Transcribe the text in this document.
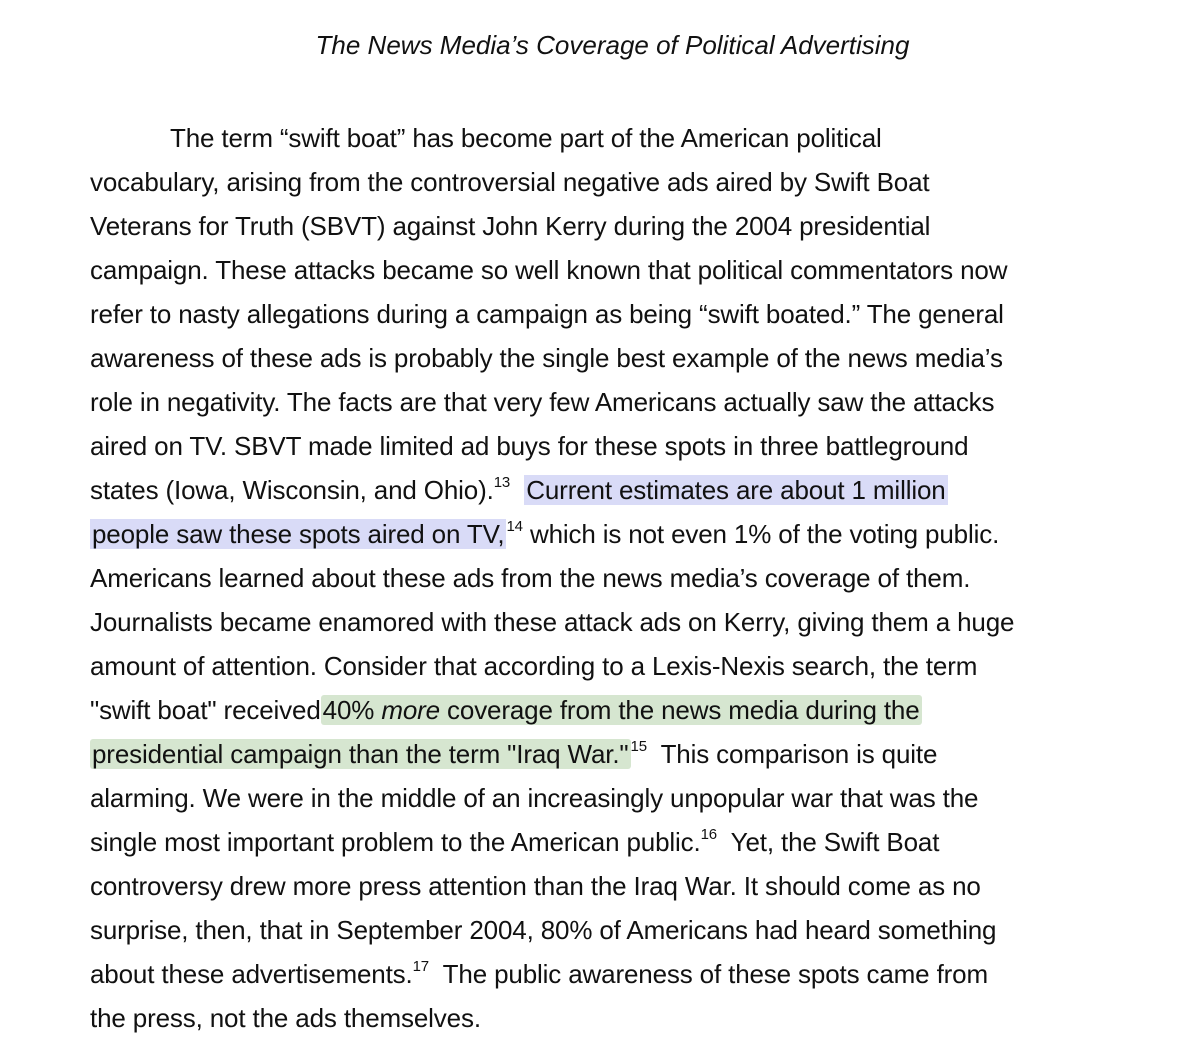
The News Media’s Coverage of Political Advertising
The term “swift boat” has become part of the American political
vocabulary, arising from the controversial negative ads aired by Swift Boat
Veterans for Truth (SBVT) against John Kerry during the 2004 presidential
campaign. These attacks became so well known that political commentators now
refer to nasty allegations during a campaign as being “swift boated.” The general
awareness of these ads is probably the single best example of the news media’s
role in negativity. The facts are that very few Americans actually saw the attacks
aired on TV. SBVT made limited ad buys for these spots in three battleground
states (Iowa, Wisconsin, and Ohio).$^{13}$ Current estimates are about 1 million
people saw these spots aired on TV, $^{14}$ which is not even 1% of the voting public.
Americans learned about these ads from the news media’s coverage of them.
Journalists became enamored with these attack ads on Kerry, giving them a huge
amount of attention. Consider that according to a Lexis-Nexis search, the term
"swift boat" received40% more coverage from the news media during the
presidential campaign than the term "Iraq War." $^{15}$ This comparison is quite
alarming. We were in the middle of an increasingly unpopular war that was the
single most important problem to the American public.$^{16}$ Yet, the Swift Boat
controversy drew more press attention than the Iraq War. It should come as no
surprise, then, that in September 2004, 80% of Americans had heard something
about these advertisements.$^{17}$ The public awareness of these spots came from
the press, not the ads themselves.
